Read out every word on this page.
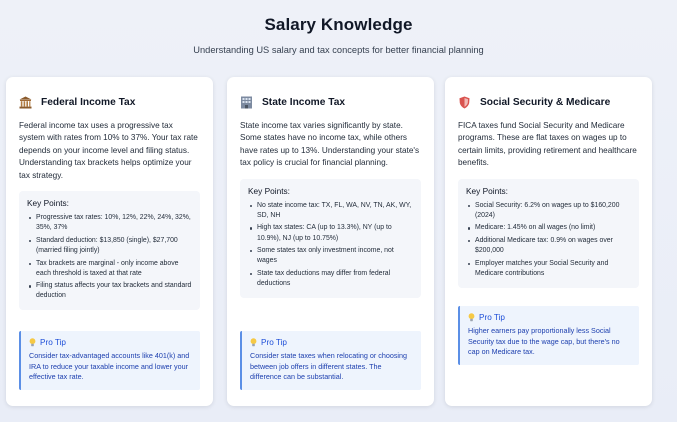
Salary Knowledge
Understanding US salary and tax concepts for better financial planning
Federal Income Tax
Federal income tax uses a progressive tax system with rates from 10% to 37%. Your tax rate depends on your income level and filing status. Understanding tax brackets helps optimize your tax strategy.
Key Points:
Progressive tax rates: 10%, 12%, 22%, 24%, 32%, 35%, 37%
Standard deduction: $13,850 (single), $27,700 (married filing jointly)
Tax brackets are marginal - only income above each threshold is taxed at that rate
Filing status affects your tax brackets and standard deduction
Pro Tip
Consider tax-advantaged accounts like 401(k) and IRA to reduce your taxable income and lower your effective tax rate.
State Income Tax
State income tax varies significantly by state. Some states have no income tax, while others have rates up to 13%. Understanding your state's tax policy is crucial for financial planning.
Key Points:
No state income tax: TX, FL, WA, NV, TN, AK, WY, SD, NH
High tax states: CA (up to 13.3%), NY (up to 10.9%), NJ (up to 10.75%)
Some states tax only investment income, not wages
State tax deductions may differ from federal deductions
Pro Tip
Consider state taxes when relocating or choosing between job offers in different states. The difference can be substantial.
Social Security & Medicare
FICA taxes fund Social Security and Medicare programs. These are flat taxes on wages up to certain limits, providing retirement and healthcare benefits.
Key Points:
Social Security: 6.2% on wages up to $160,200 (2024)
Medicare: 1.45% on all wages (no limit)
Additional Medicare tax: 0.9% on wages over $200,000
Employer matches your Social Security and Medicare contributions
Pro Tip
Higher earners pay proportionally less Social Security tax due to the wage cap, but there's no cap on Medicare tax.
